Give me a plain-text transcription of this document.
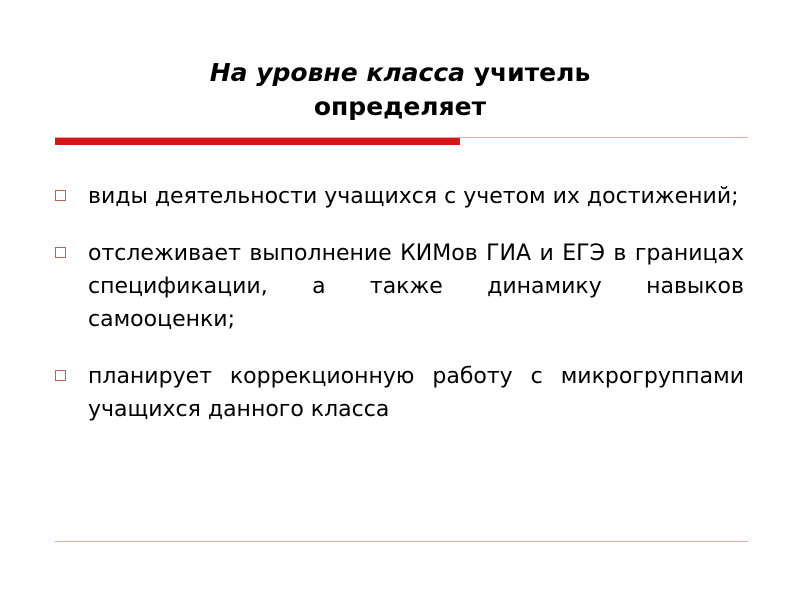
На уровне класса учитель
определяет
виды деятельности учащихся с учетом их достижений;
отслеживает выполнение КИМов ГИА и ЕГЭ в границах спецификации, а также динамику навыков самооценки;
планирует коррекционную работу с микрогруппами учащихся данного класса
